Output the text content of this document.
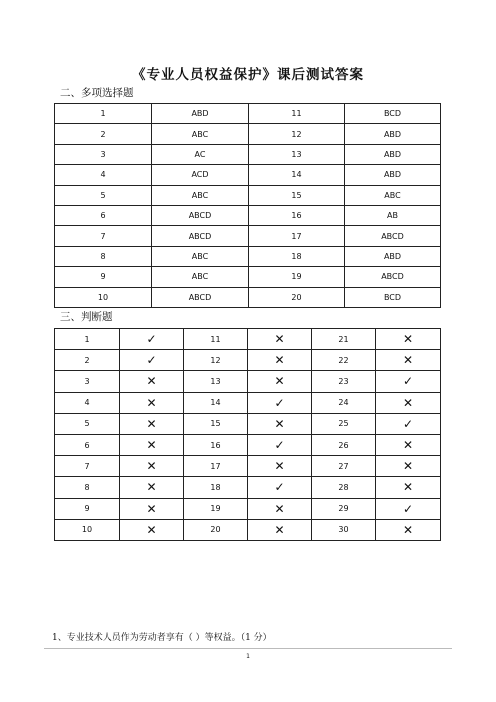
《专业人员权益保护》课后测试答案
二、多项选择题
1	ABD	11	BCD
2	ABC	12	ABD
3	AC	13	ABD
4	ACD	14	ABD
5	ABC	15	ABC
6	ABCD	16	AB
7	ABCD	17	ABCD
8	ABC	18	ABD
9	ABC	19	ABCD
10	ABCD	20	BCD
三、判断题
1	✓	11	✕	21	✕
2	✓	12	✕	22	✕
3	✕	13	✕	23	✓
4	✕	14	✓	24	✕
5	✕	15	✕	25	✓
6	✕	16	✓	26	✕
7	✕	17	✕	27	✕
8	✕	18	✓	28	✕
9	✕	19	✕	29	✓
10	✕	20	✕	30	✕
1、专业技术人员作为劳动者享有（ ）等权益。（1 分）
1
